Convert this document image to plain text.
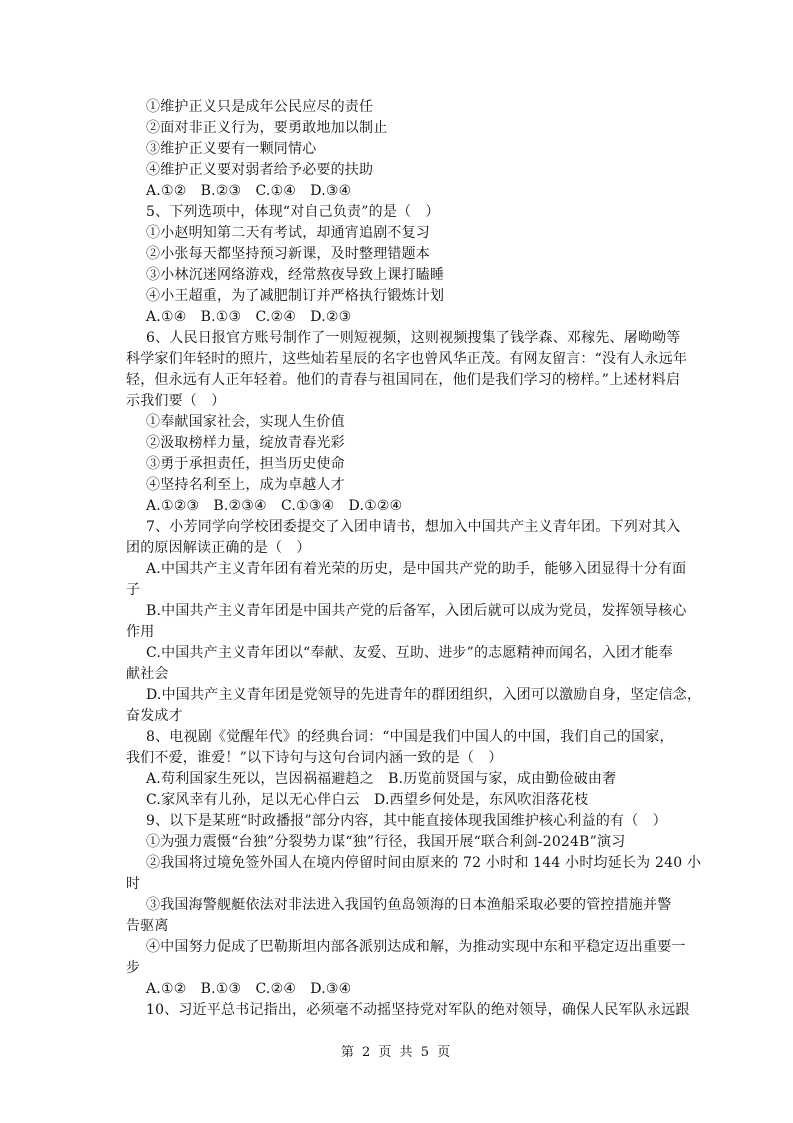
①维护正义只是成年公民应尽的责任
②面对非正义行为，要勇敢地加以制止
③维护正义要有一颗同情心
④维护正义要对弱者给予必要的扶助
A.①②　B.②③　C.①④　D.③④
5、下列选项中，体现“对自己负责”的是（　）
①小赵明知第二天有考试，却通宵追剧不复习
②小张每天都坚持预习新课，及时整理错题本
③小林沉迷网络游戏，经常熬夜导致上课打瞌睡
④小王超重，为了减肥制订并严格执行锻炼计划
A.①④　B.①③　C.②④　D.②③
6、人民日报官方账号制作了一则短视频，这则视频搜集了钱学森、邓稼先、屠呦呦等
科学家们年轻时的照片，这些灿若星辰的名字也曾风华正茂。有网友留言：“没有人永远年
轻，但永远有人正年轻着。他们的青春与祖国同在，他们是我们学习的榜样。”上述材料启
示我们要（　）
①奉献国家社会，实现人生价值
②汲取榜样力量，绽放青春光彩
③勇于承担责任，担当历史使命
④坚持名利至上，成为卓越人才
A.①②③　B.②③④　C.①③④　D.①②④
7、小芳同学向学校团委提交了入团申请书，想加入中国共产主义青年团。下列对其入
团的原因解读正确的是（　）
A.中国共产主义青年团有着光荣的历史，是中国共产党的助手，能够入团显得十分有面
子
B.中国共产主义青年团是中国共产党的后备军，入团后就可以成为党员，发挥领导核心
作用
C.中国共产主义青年团以“奉献、友爱、互助、进步”的志愿精神而闻名，入团才能奉
献社会
D.中国共产主义青年团是党领导的先进青年的群团组织，入团可以激励自身，坚定信念，
奋发成才
8、电视剧《觉醒年代》的经典台词：“中国是我们中国人的中国，我们自己的国家，
我们不爱，谁爱！”以下诗句与这句台词内涵一致的是（　）
A.苟利国家生死以，岂因祸福避趋之　B.历览前贤国与家，成由勤俭破由奢
C.家风幸有儿孙，足以无心伴白云　D.西望乡何处是，东风吹泪落花枝
9、以下是某班“时政播报”部分内容，其中能直接体现我国维护核心利益的有（　）
①为强力震慑“台独”分裂势力谋“独”行径，我国开展“联合利剑-2024B”演习
②我国将过境免签外国人在境内停留时间由原来的 72 小时和 144 小时均延长为 240 小
时
③我国海警舰艇依法对非法进入我国钓鱼岛领海的日本渔船采取必要的管控措施并警
告驱离
④中国努力促成了巴勒斯坦内部各派别达成和解，为推动实现中东和平稳定迈出重要一
步
A.①②　B.①③　C.②④　D.③④
10、习近平总书记指出，必须毫不动摇坚持党对军队的绝对领导，确保人民军队永远跟
第 2 页 共 5 页
